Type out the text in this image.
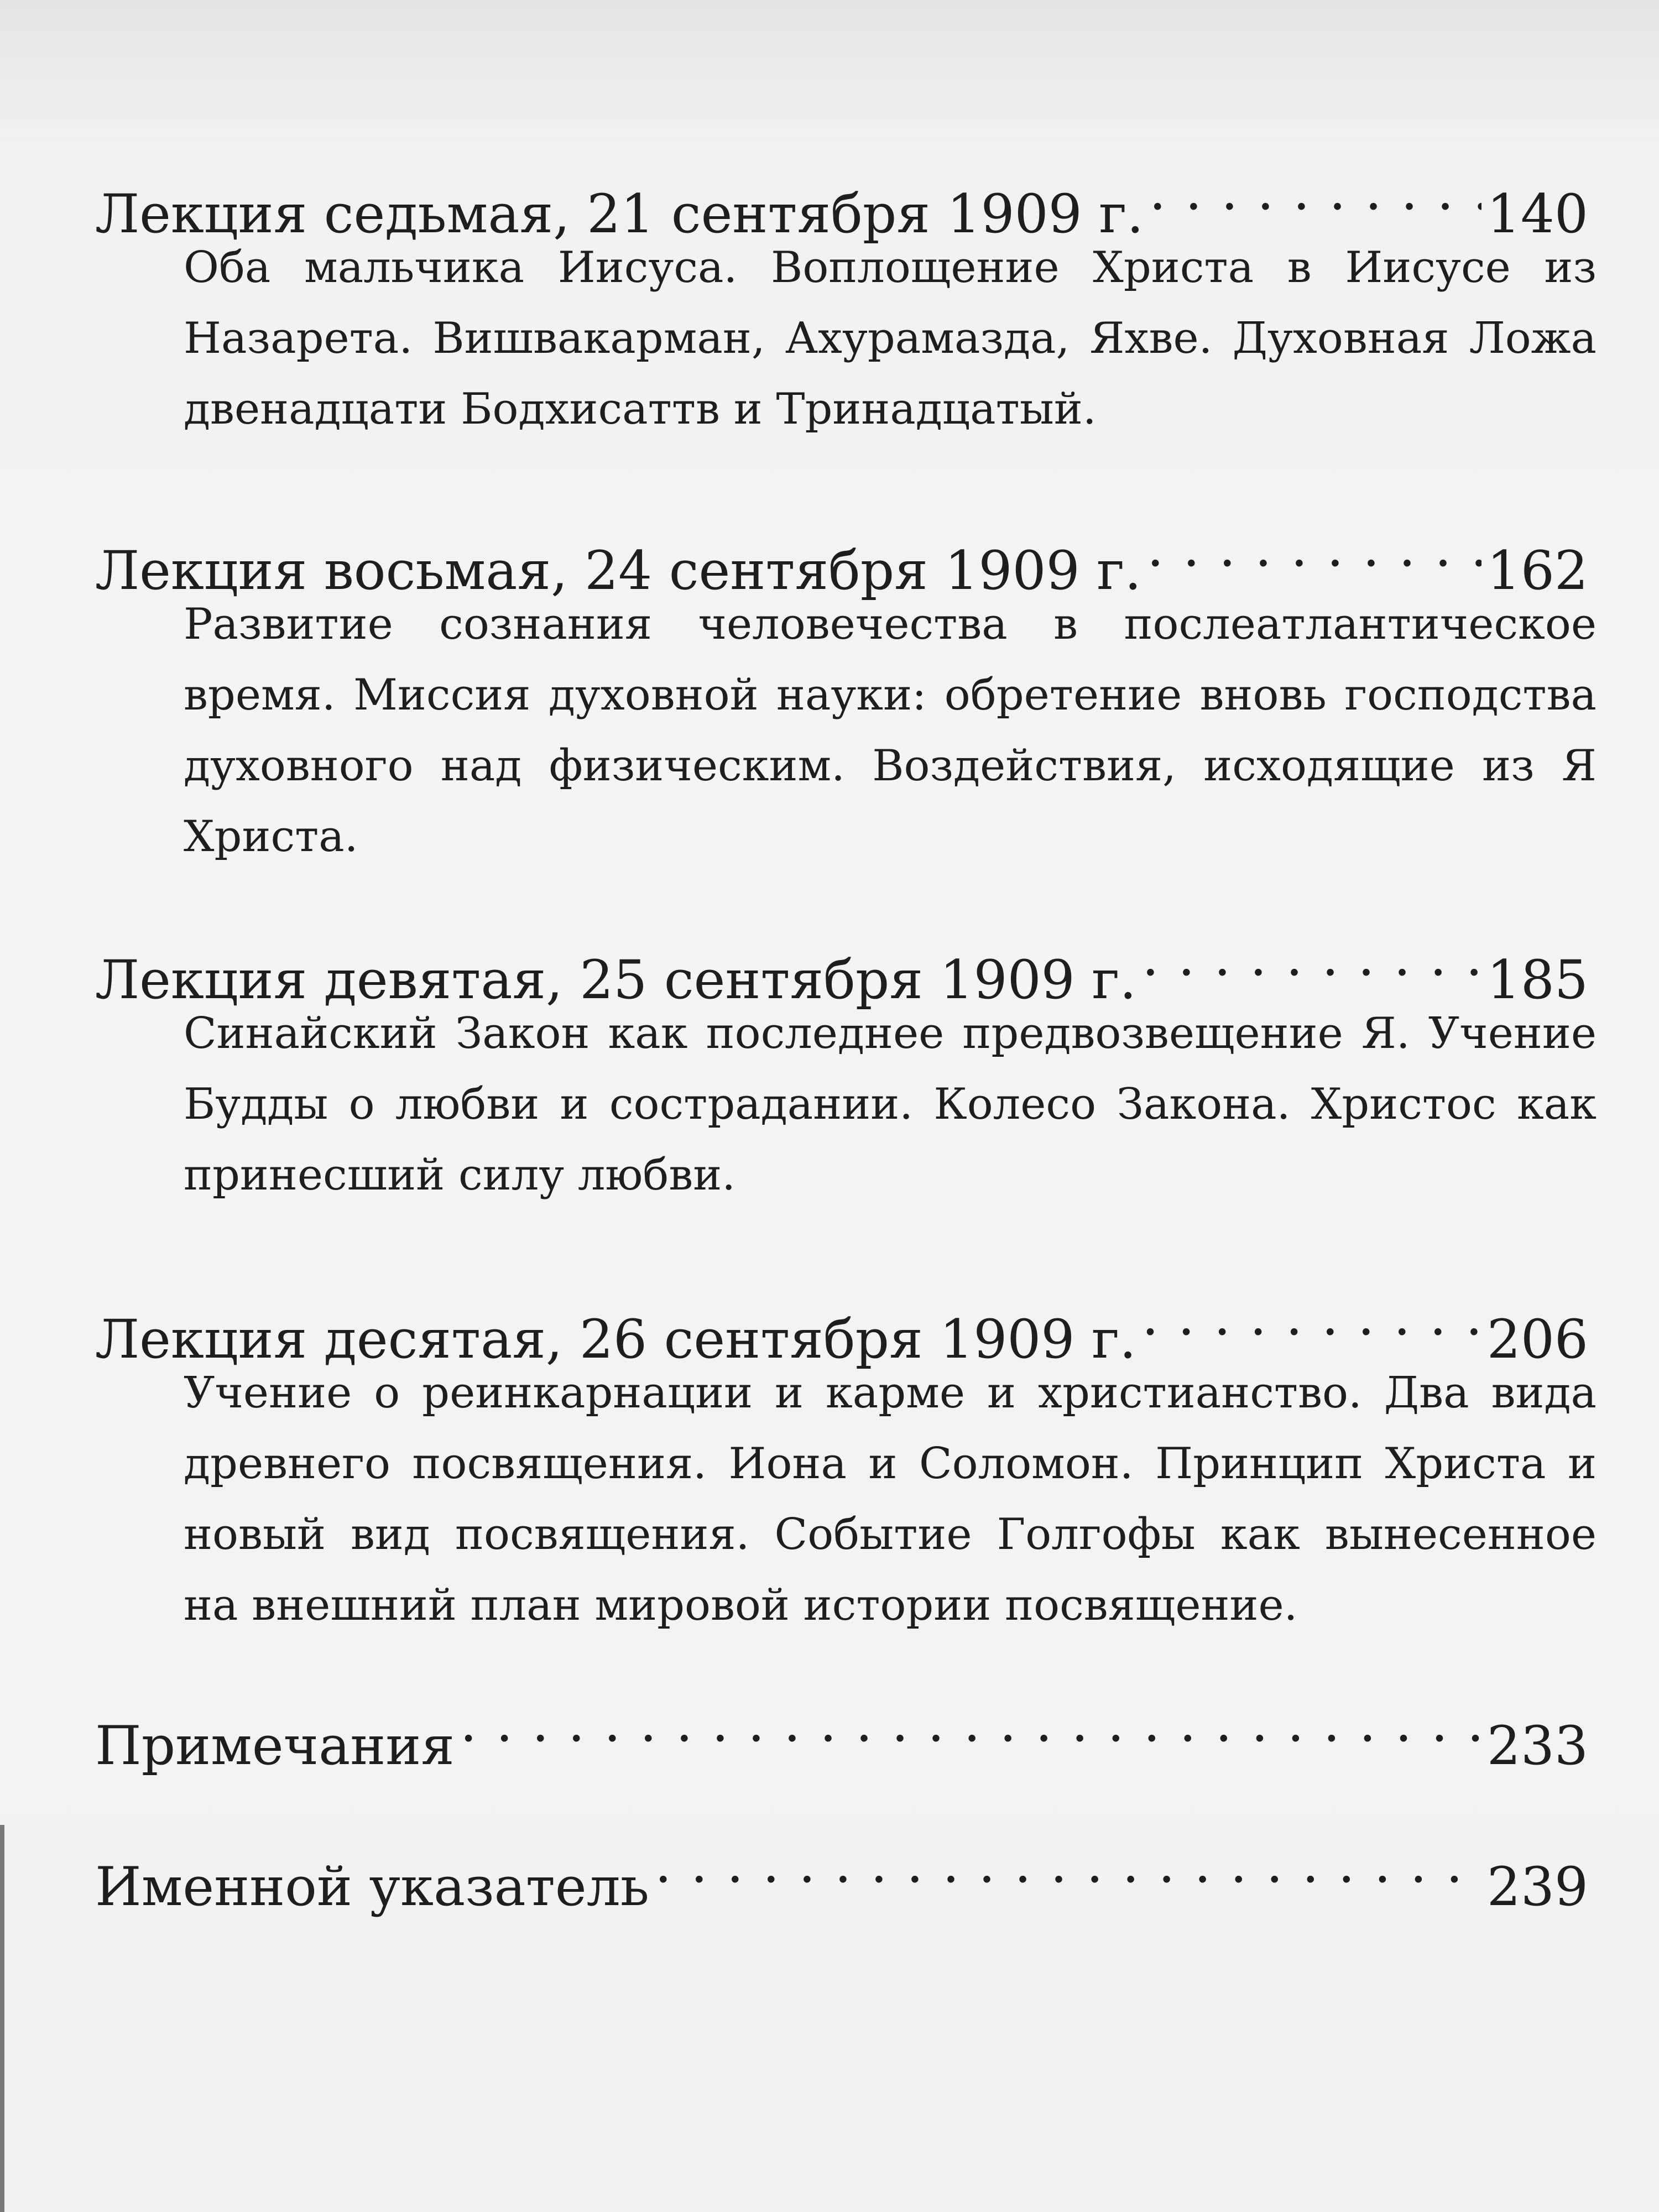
Лекция седьмая, 21 сентября 1909 г. . . .	140
Оба мальчика Иисуса. Воплощение Христа в Иисусе из Назарета. Вишвакарман, Ахурамазда, Яхве. Духовная Ложа двенадцати Бодхисаттв и Тринадцатый.
Лекция восьмая, 24 сентября 1909 г. . . .	162
Развитие сознания человечества в послеатлантическое время. Миссия духовной науки: обретение вновь господства духовного над физическим. Воздействия, исходящие из Я Христа.
Лекция девятая, 25 сентября 1909 г. . . .	185
Синайский Закон как последнее предвозвещение Я. Учение Будды о любви и сострадании. Колесо Закона. Христос как принесший силу любви.
Лекция десятая, 26 сентября 1909 г. . . .	206
Учение о реинкарнации и карме и христианство. Два вида древнего посвящения. Иона и Соломон. Принцип Христа и новый вид посвящения. Событие Голгофы как вынесенное на внешний план мировой истории посвящение.
Примечания . . .	233
Именной указатель . . .	239
